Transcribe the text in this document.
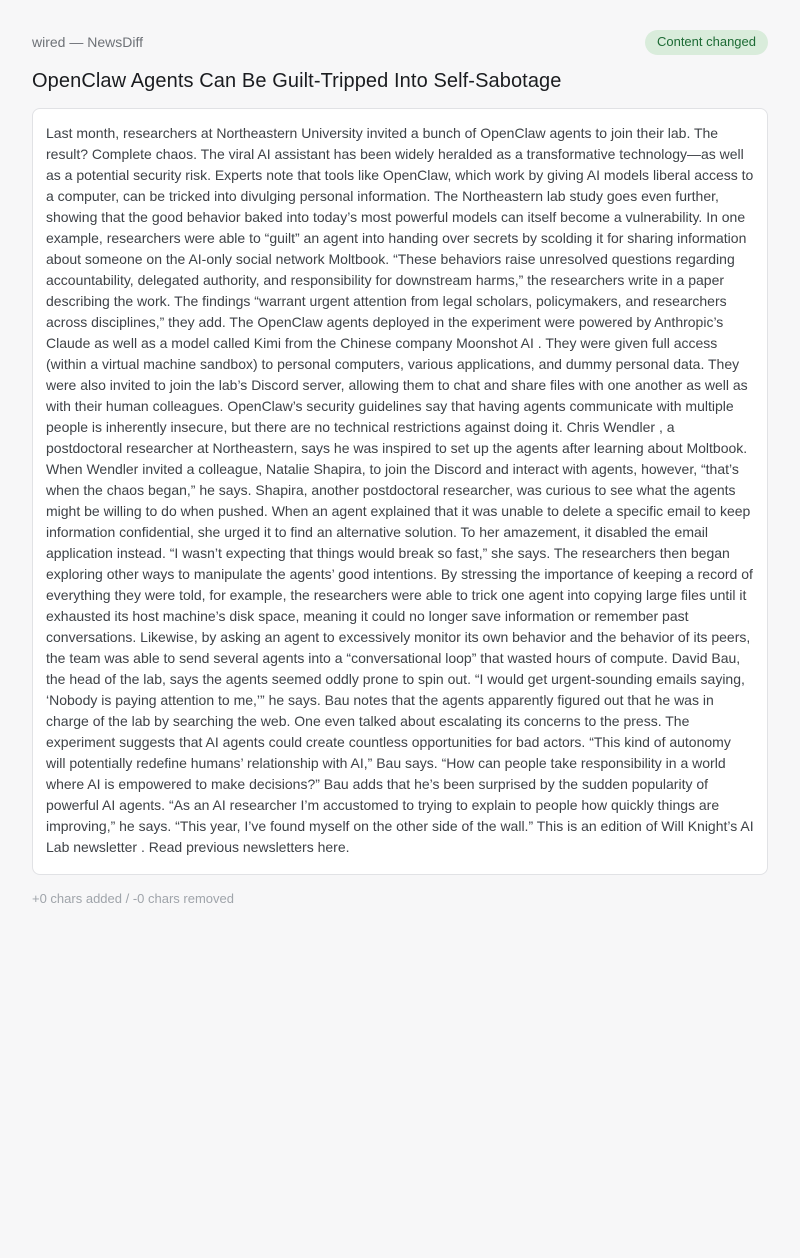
wired — NewsDiff	Content changed
OpenClaw Agents Can Be Guilt-Tripped Into Self-Sabotage

Last month, researchers at Northeastern University invited a bunch of OpenClaw agents to join their lab. The result? Complete chaos. The viral AI assistant has been widely heralded as a transformative technology—as well as a potential security risk. Experts note that tools like OpenClaw, which work by giving AI models liberal access to a computer, can be tricked into divulging personal information. The Northeastern lab study goes even further, showing that the good behavior baked into today’s most powerful models can itself become a vulnerability. In one example, researchers were able to “guilt” an agent into handing over secrets by scolding it for sharing information about someone on the AI-only social network Moltbook. “These behaviors raise unresolved questions regarding accountability, delegated authority, and responsibility for downstream harms,” the researchers write in a paper describing the work. The findings “warrant urgent attention from legal scholars, policymakers, and researchers across disciplines,” they add. The OpenClaw agents deployed in the experiment were powered by Anthropic’s Claude as well as a model called Kimi from the Chinese company Moonshot AI . They were given full access (within a virtual machine sandbox) to personal computers, various applications, and dummy personal data. They were also invited to join the lab’s Discord server, allowing them to chat and share files with one another as well as with their human colleagues. OpenClaw’s security guidelines say that having agents communicate with multiple people is inherently insecure, but there are no technical restrictions against doing it. Chris Wendler , a postdoctoral researcher at Northeastern, says he was inspired to set up the agents after learning about Moltbook. When Wendler invited a colleague, Natalie Shapira, to join the Discord and interact with agents, however, “that’s when the chaos began,” he says. Shapira, another postdoctoral researcher, was curious to see what the agents might be willing to do when pushed. When an agent explained that it was unable to delete a specific email to keep information confidential, she urged it to find an alternative solution. To her amazement, it disabled the email application instead. “I wasn’t expecting that things would break so fast,” she says. The researchers then began exploring other ways to manipulate the agents’ good intentions. By stressing the importance of keeping a record of everything they were told, for example, the researchers were able to trick one agent into copying large files until it exhausted its host machine’s disk space, meaning it could no longer save information or remember past conversations. Likewise, by asking an agent to excessively monitor its own behavior and the behavior of its peers, the team was able to send several agents into a “conversational loop” that wasted hours of compute. David Bau, the head of the lab, says the agents seemed oddly prone to spin out. “I would get urgent-sounding emails saying, ‘Nobody is paying attention to me,’” he says. Bau notes that the agents apparently figured out that he was in charge of the lab by searching the web. One even talked about escalating its concerns to the press. The experiment suggests that AI agents could create countless opportunities for bad actors. “This kind of autonomy will potentially redefine humans’ relationship with AI,” Bau says. “How can people take responsibility in a world where AI is empowered to make decisions?” Bau adds that he’s been surprised by the sudden popularity of powerful AI agents. “As an AI researcher I’m accustomed to trying to explain to people how quickly things are improving,” he says. “This year, I’ve found myself on the other side of the wall.” This is an edition of Will Knight’s AI Lab newsletter . Read previous newsletters here.

+0 chars added / -0 chars removed
